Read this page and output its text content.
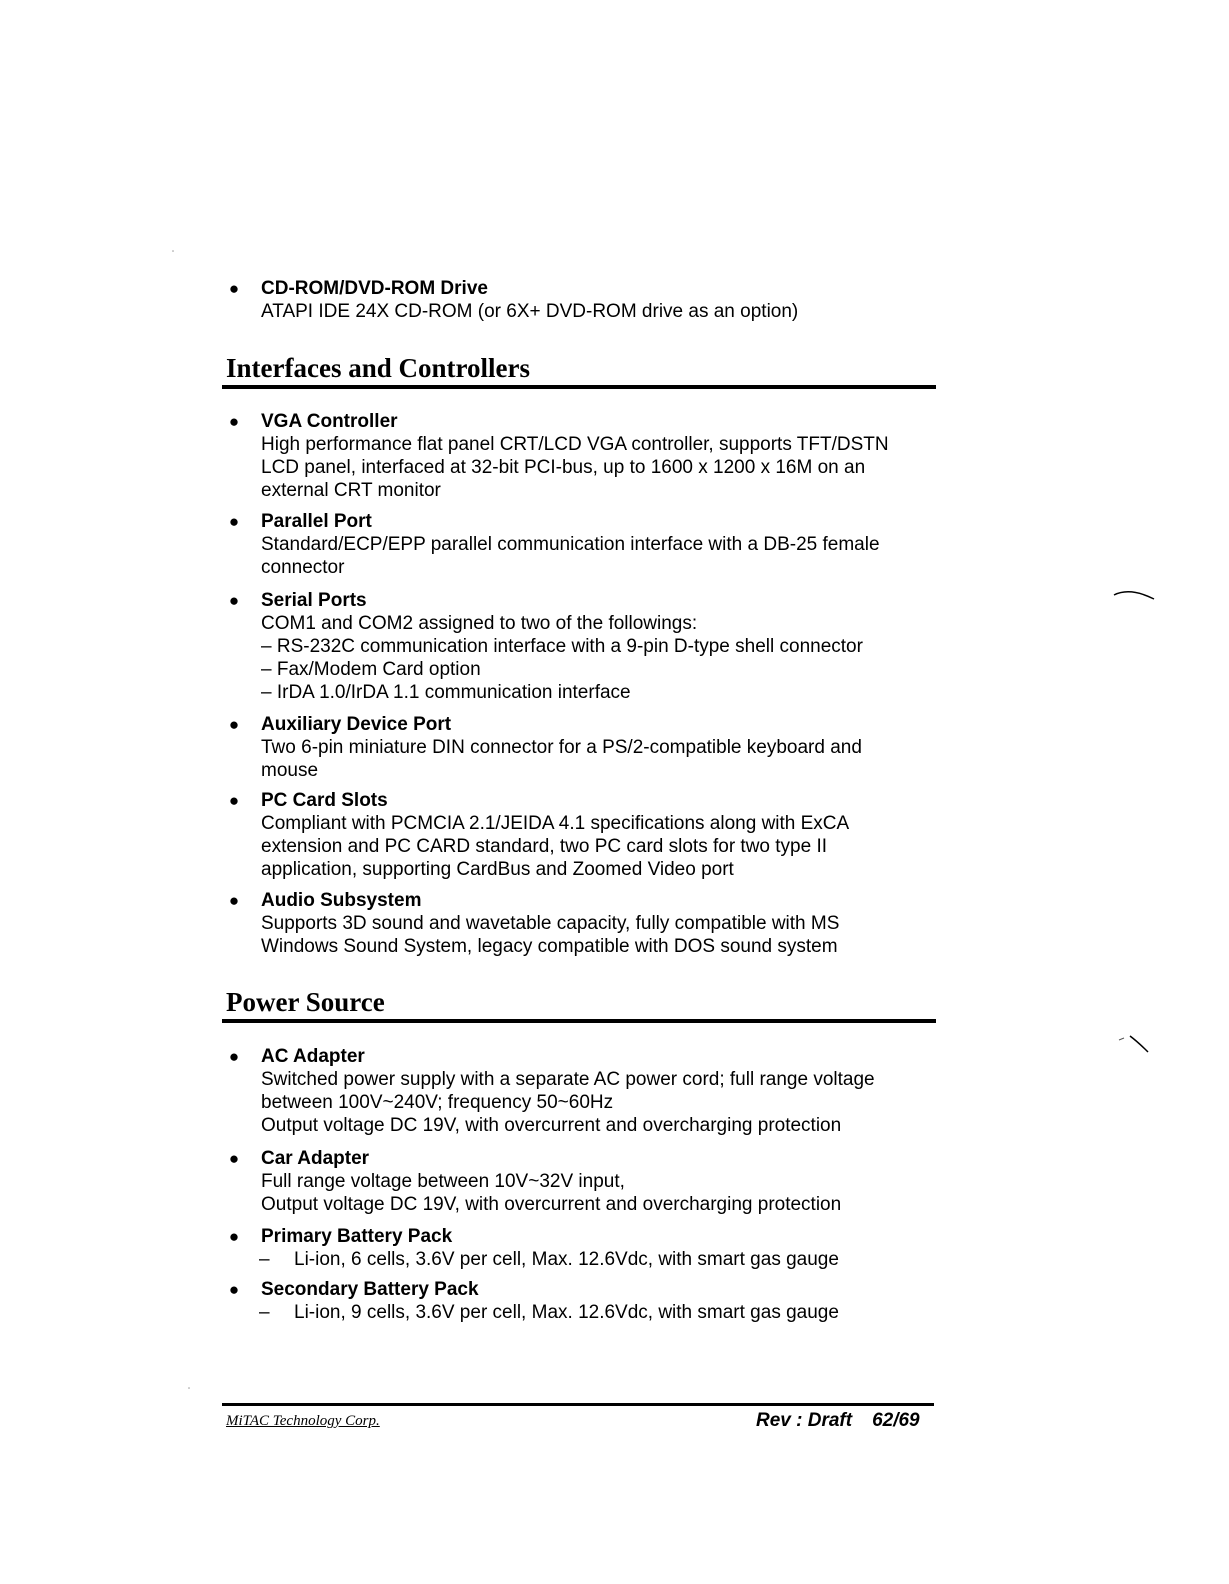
● CD-ROM/DVD-ROM Drive
ATAPI IDE 24X CD-ROM (or 6X+ DVD-ROM drive as an option)
Interfaces and Controllers
● VGA Controller
High performance flat panel CRT/LCD VGA controller, supports TFT/DSTN
LCD panel, interfaced at 32-bit PCI-bus, up to 1600 x 1200 x 16M on an
external CRT monitor
● Parallel Port
Standard/ECP/EPP parallel communication interface with a DB-25 female
connector
● Serial Ports
COM1 and COM2 assigned to two of the followings:
– RS-232C communication interface with a 9-pin D-type shell connector
– Fax/Modem Card option
– IrDA 1.0/IrDA 1.1 communication interface
● Auxiliary Device Port
Two 6-pin miniature DIN connector for a PS/2-compatible keyboard and
mouse
● PC Card Slots
Compliant with PCMCIA 2.1/JEIDA 4.1 specifications along with ExCA
extension and PC CARD standard, two PC card slots for two type II
application, supporting CardBus and Zoomed Video port
● Audio Subsystem
Supports 3D sound and wavetable capacity, fully compatible with MS
Windows Sound System, legacy compatible with DOS sound system
Power Source
● AC Adapter
Switched power supply with a separate AC power cord; full range voltage
between 100V~240V; frequency 50~60Hz
Output voltage DC 19V, with overcurrent and overcharging protection
● Car Adapter
Full range voltage between 10V~32V input,
Output voltage DC 19V, with overcurrent and overcharging protection
● Primary Battery Pack
– Li-ion, 6 cells, 3.6V per cell, Max. 12.6Vdc, with smart gas gauge
● Secondary Battery Pack
– Li-ion, 9 cells, 3.6V per cell, Max. 12.6Vdc, with smart gas gauge
MiTAC Technology Corp.	Rev : Draft 62/69
